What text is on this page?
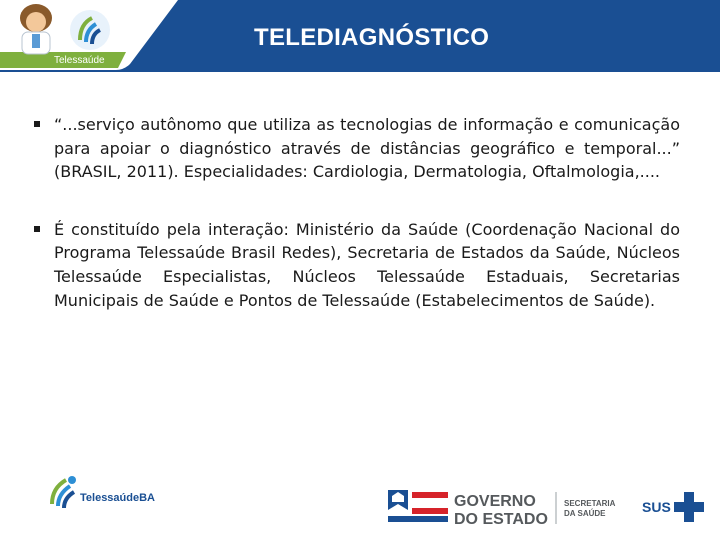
Telessaúde
TELEDIAGNÓSTICO
“...serviço autônomo que utiliza as tecnologias de informação e comunicação para apoiar o diagnóstico através de distâncias geográfico e temporal...” (BRASIL, 2011). Especialidades: Cardiologia, Dermatologia, Oftalmologia,....
É constituído pela interação: Ministério da Saúde (Coordenação Nacional do Programa Telessaúde Brasil Redes), Secretaria de Estados da Saúde, Núcleos Telessaúde Especialistas, Núcleos Telessaúde Estaduais, Secretarias Municipais de Saúde e Pontos de Telessaúde (Estabelecimentos de Saúde).
TelessaúdeBA	GOVERNO
DO ESTADO
SECRETARIA
DA SAÚDE	SUS
